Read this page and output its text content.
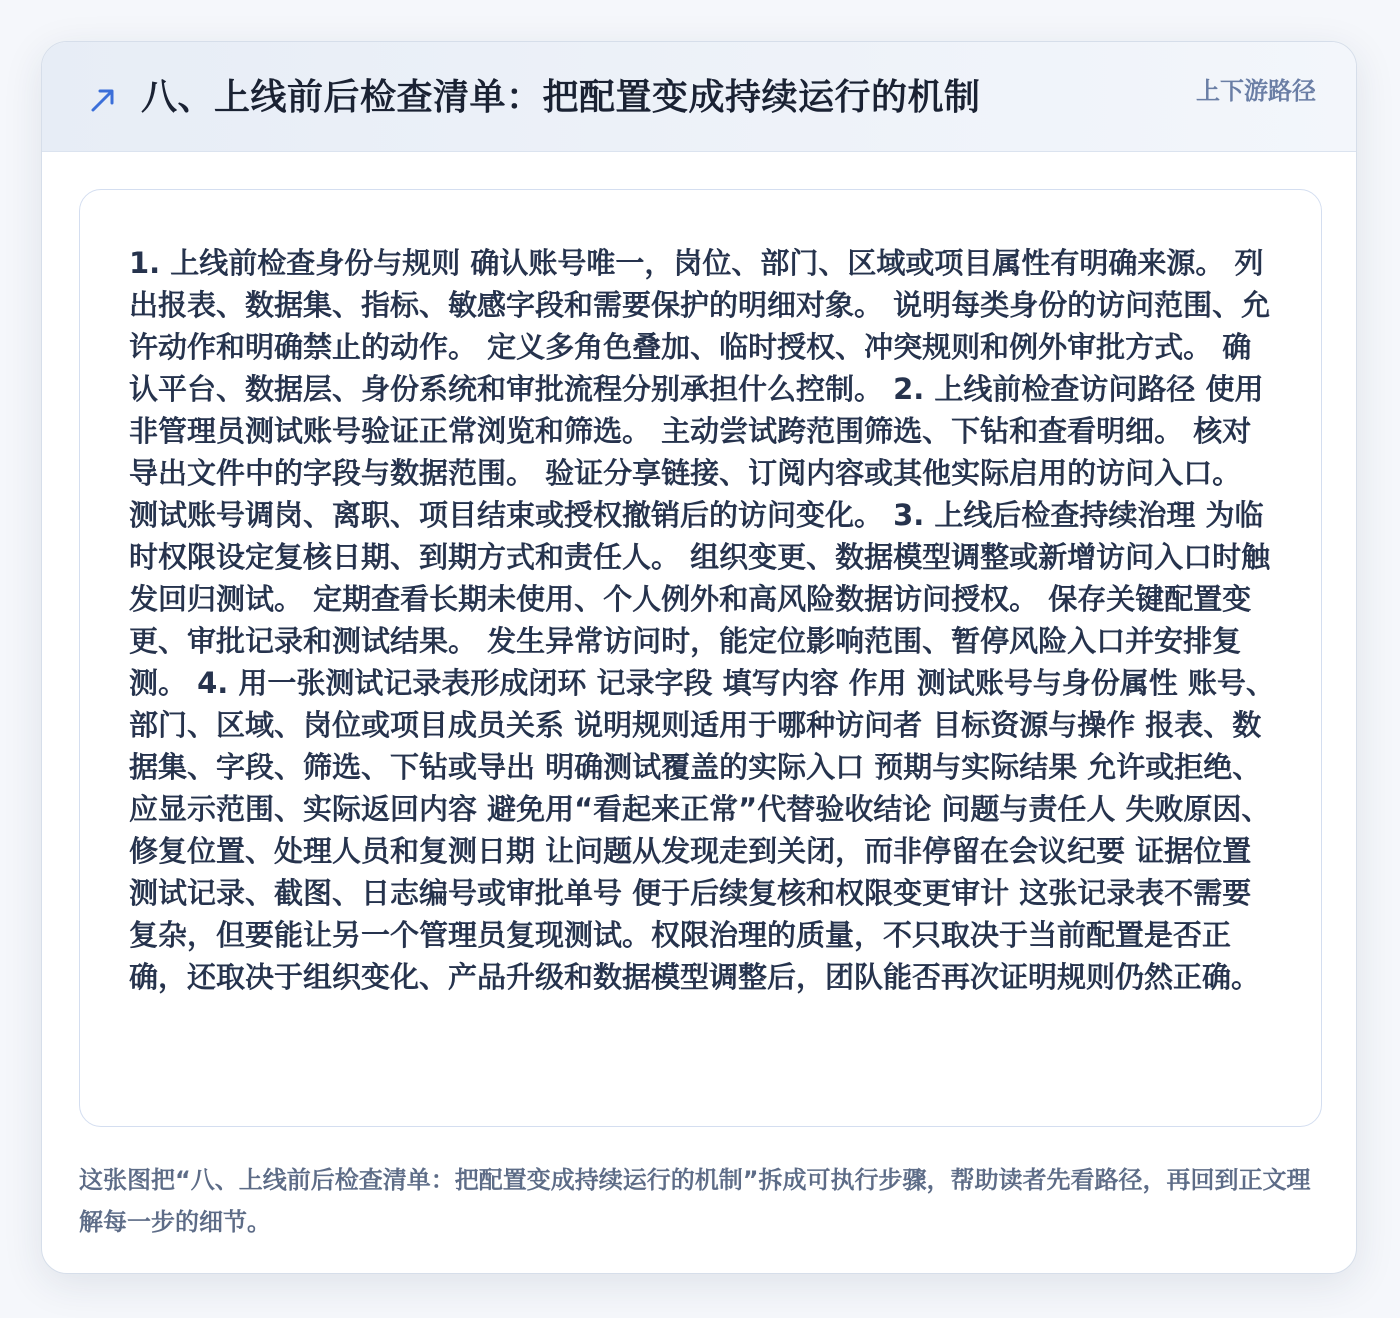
八、上线前后检查清单：把配置变成持续运行的机制	上下游路径

1. 上线前检查身份与规则 确认账号唯一，岗位、部门、区域或项目属性有明确来源。 列出报表、数据集、指标、敏感字段和需要保护的明细对象。 说明每类身份的访问范围、允许动作和明确禁止的动作。 定义多角色叠加、临时授权、冲突规则和例外审批方式。 确认平台、数据层、身份系统和审批流程分别承担什么控制。 2. 上线前检查访问路径 使用非管理员测试账号验证正常浏览和筛选。 主动尝试跨范围筛选、下钻和查看明细。 核对导出文件中的字段与数据范围。 验证分享链接、订阅内容或其他实际启用的访问入口。 测试账号调岗、离职、项目结束或授权撤销后的访问变化。 3. 上线后检查持续治理 为临时权限设定复核日期、到期方式和责任人。 组织变更、数据模型调整或新增访问入口时触发回归测试。 定期查看长期未使用、个人例外和高风险数据访问授权。 保存关键配置变更、审批记录和测试结果。 发生异常访问时，能定位影响范围、暂停风险入口并安排复测。 4. 用一张测试记录表形成闭环 记录字段 填写内容 作用 测试账号与身份属性 账号、部门、区域、岗位或项目成员关系 说明规则适用于哪种访问者 目标资源与操作 报表、数据集、字段、筛选、下钻或导出 明确测试覆盖的实际入口 预期与实际结果 允许或拒绝、应显示范围、实际返回内容 避免用“看起来正常”代替验收结论 问题与责任人 失败原因、修复位置、处理人员和复测日期 让问题从发现走到关闭，而非停留在会议纪要 证据位置 测试记录、截图、日志编号或审批单号 便于后续复核和权限变更审计 这张记录表不需要复杂，但要能让另一个管理员复现测试。权限治理的质量，不只取决于当前配置是否正确，还取决于组织变化、产品升级和数据模型调整后，团队能否再次证明规则仍然正确。

这张图把“八、上线前后检查清单：把配置变成持续运行的机制”拆成可执行步骤，帮助读者先看路径，再回到正文理解每一步的细节。
